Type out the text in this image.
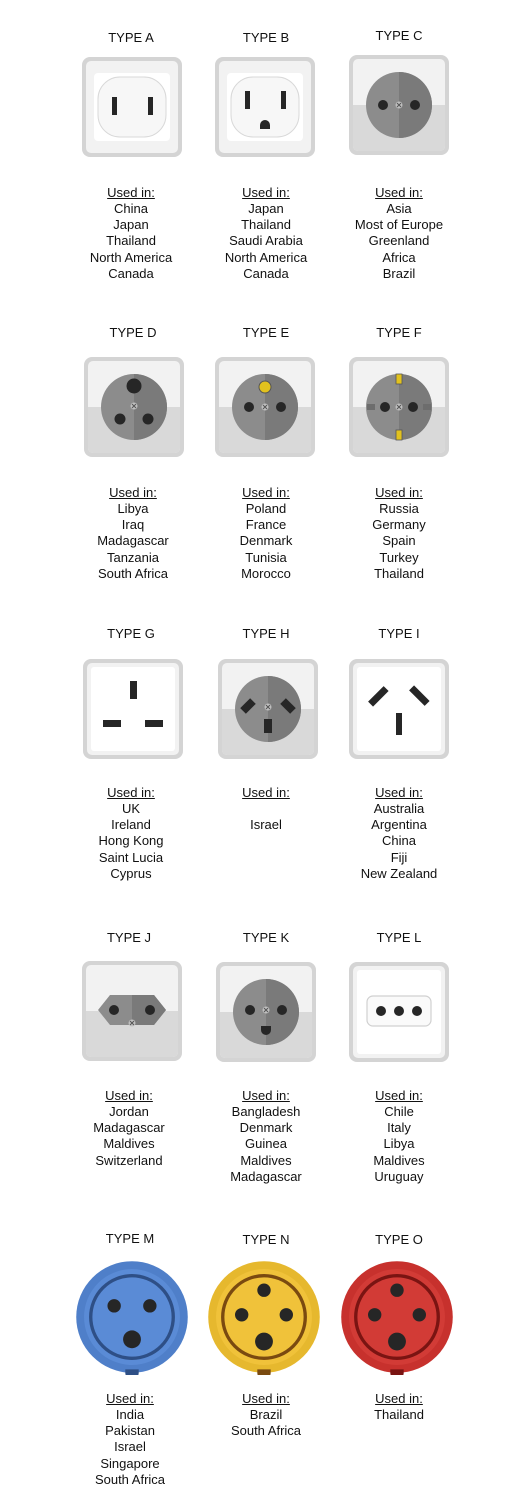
TYPE A
Used in:
China
Japan
Thailand
North America
Canada
TYPE B
Used in:
Japan
Thailand
Saudi Arabia
North America
Canada
TYPE C
Used in:
Asia
Most of Europe
Greenland
Africa
Brazil
TYPE D
Used in:
Libya
Iraq
Madagascar
Tanzania
South Africa
TYPE E
Used in:
Poland
France
Denmark
Tunisia
Morocco
TYPE F
Used in:
Russia
Germany
Spain
Turkey
Thailand
TYPE G
Used in:
UK
Ireland
Hong Kong
Saint Lucia
Cyprus
TYPE H
Used in:

Israel
TYPE I
Used in:
Australia
Argentina
China
Fiji
New Zealand
TYPE J
Used in:
Jordan
Madagascar
Maldives
Switzerland
TYPE K
Used in:
Bangladesh
Denmark
Guinea
Maldives
Madagascar
TYPE L
Used in:
Chile
Italy
Libya
Maldives
Uruguay
TYPE M
Used in:
India
Pakistan
Israel
Singapore
South Africa
TYPE N
Used in:
Brazil
South Africa
TYPE O
Used in:
Thailand
